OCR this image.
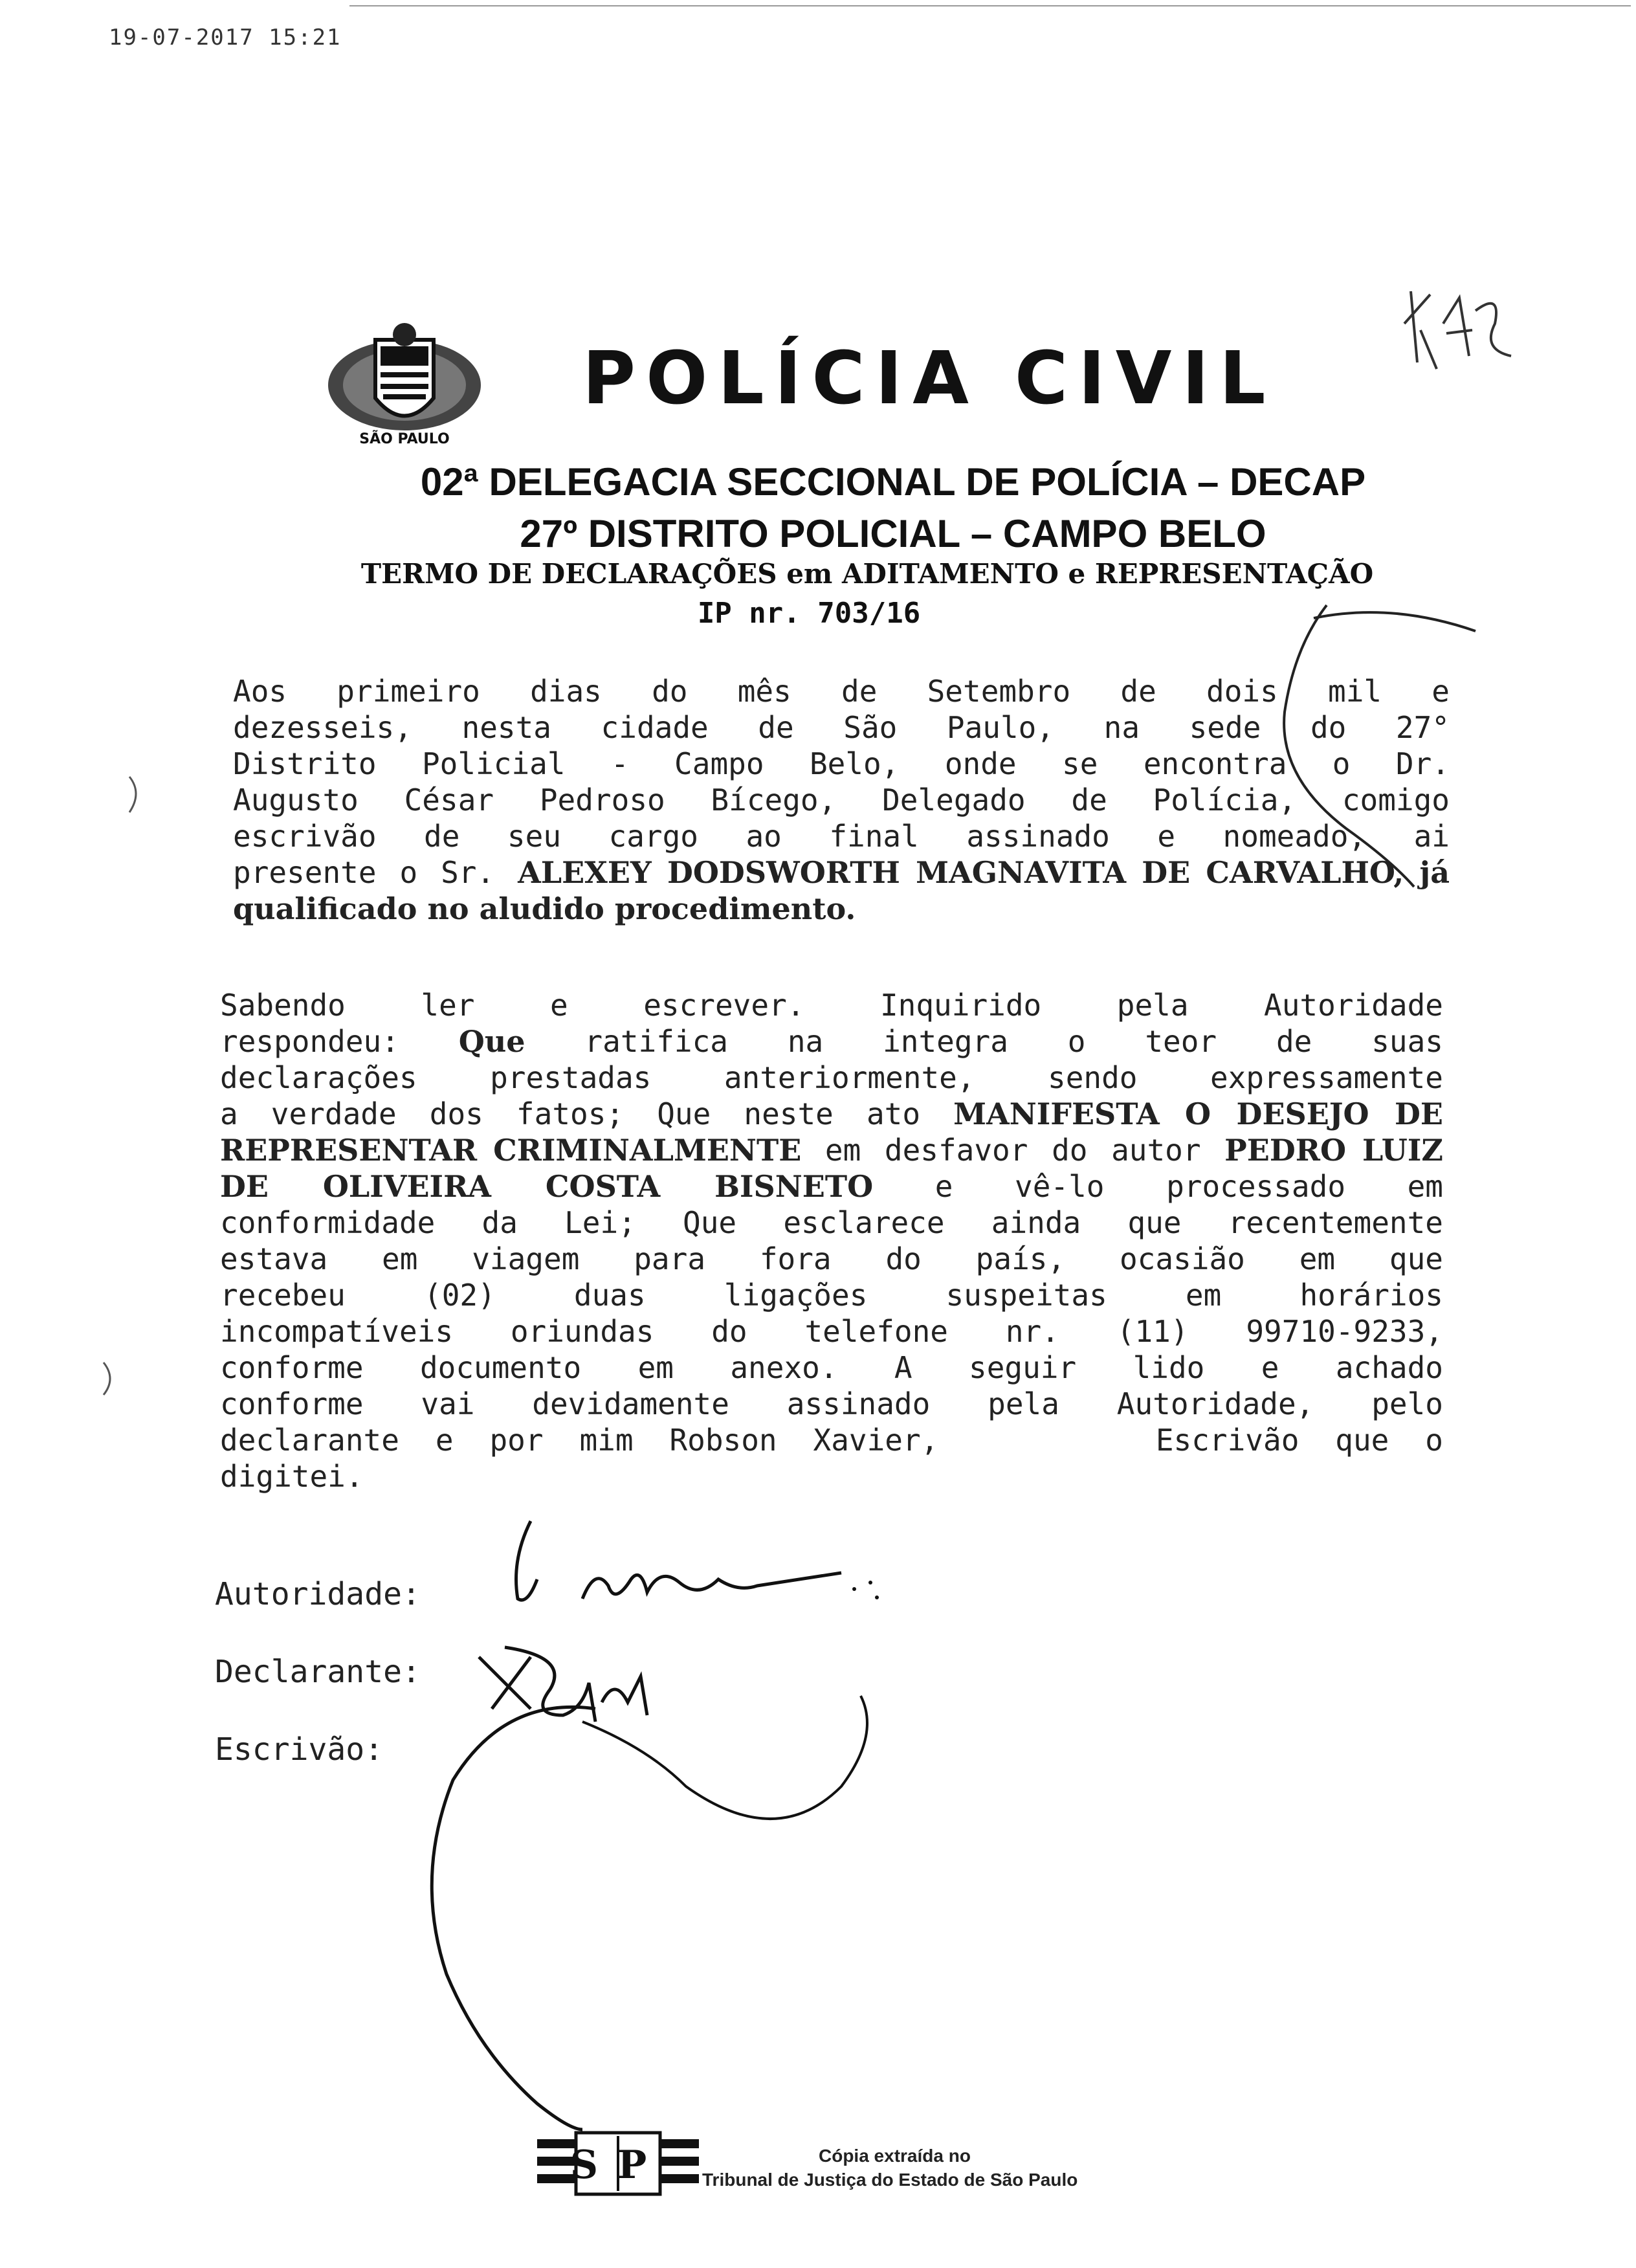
19-07-2017 15:21
SÃO PAULO
POLÍCIA CIVIL
02ª DELEGACIA SECCIONAL DE POLÍCIA – DECAP
27º DISTRITO POLICIAL – CAMPO BELO
TERMO DE DECLARAÇÕES em ADITAMENTO e REPRESENTAÇÃO
IP nr. 703/16
Aos primeiro dias do mês de Setembro de dois mil e
dezesseis, nesta cidade de São Paulo, na sede do 27°
Distrito Policial - Campo Belo, onde se encontra o Dr.
Augusto César Pedroso Bícego, Delegado de Polícia, comigo
escrivão de seu cargo ao final assinado e nomeado, ai
presente o Sr. ALEXEY DODSWORTH MAGNAVITA DE CARVALHO, já
qualificado no aludido procedimento.
Sabendo ler e escrever. Inquirido pela Autoridade
respondeu: Que ratifica na integra o teor de suas
declarações prestadas anteriormente, sendo expressamente
a verdade dos fatos; Que neste ato MANIFESTA O DESEJO DE
REPRESENTAR CRIMINALMENTE em desfavor do autor PEDRO LUIZ
DE OLIVEIRA COSTA BISNETO e vê-lo processado em
conformidade da Lei; Que esclarece ainda que recentemente
estava em viagem para fora do país, ocasião em que
recebeu (02) duas ligações suspeitas em horários
incompatíveis oriundas do telefone nr. (11) 99710-9233,
conforme documento em anexo. A seguir lido e achado
conforme vai devidamente assinado pela Autoridade, pelo
declarante e por mim Robson Xavier,      Escrivão que o
digitei.
Autoridade:
Declarante:
Escrivão:
SP	Cópia extraída no
Tribunal de Justiça do Estado de São Paulo
